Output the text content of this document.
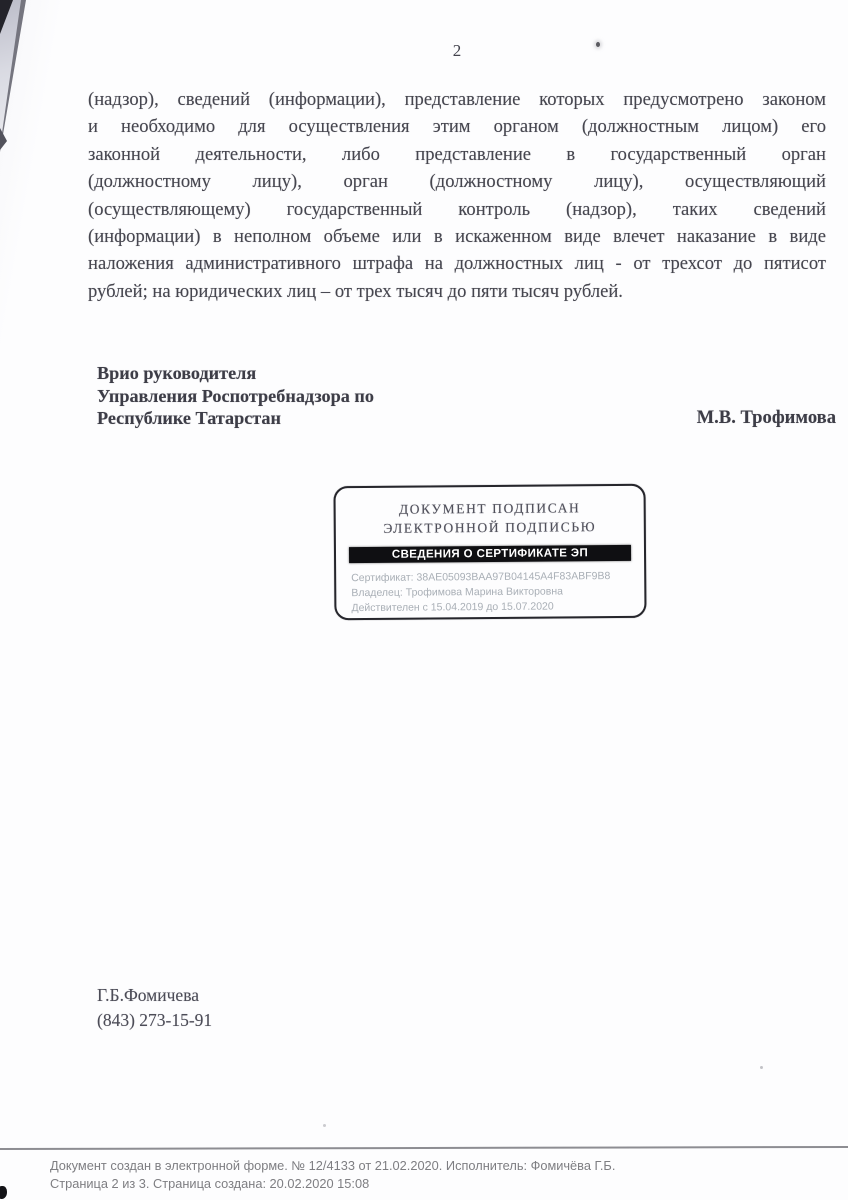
2
(надзор), сведений (информации), представление которых предусмотрено законом
и необходимо для осуществления этим органом (должностным лицом) его
законной деятельности, либо представление в государственный орган
(должностному лицу), орган (должностному лицу), осуществляющий
(осуществляющему) государственный контроль (надзор), таких сведений
(информации) в неполном объеме или в искаженном виде влечет наказание в виде
наложения административного штрафа на должностных лиц - от трехсот до пятисот
рублей; на юридических лиц – от трех тысяч до пяти тысяч рублей.
Врио руководителя
Управления Роспотребнадзора по
Республике Татарстан	М.В. Трофимова
ДОКУМЕНТ ПОДПИСАН
ЭЛЕКТРОННОЙ ПОДПИСЬЮ
СВЕДЕНИЯ О СЕРТИФИКАТЕ ЭП
Сертификат: 38AE05093BAA97B04145A4F83ABF9B8
Владелец: Трофимова Марина Викторовна
Действителен с 15.04.2019 до 15.07.2020
Г.Б.Фомичева
(843) 273-15-91
Документ создан в электронной форме. № 12/4133 от 21.02.2020. Исполнитель: Фомичёва Г.Б.
Страница 2 из 3. Страница создана: 20.02.2020 15:08
